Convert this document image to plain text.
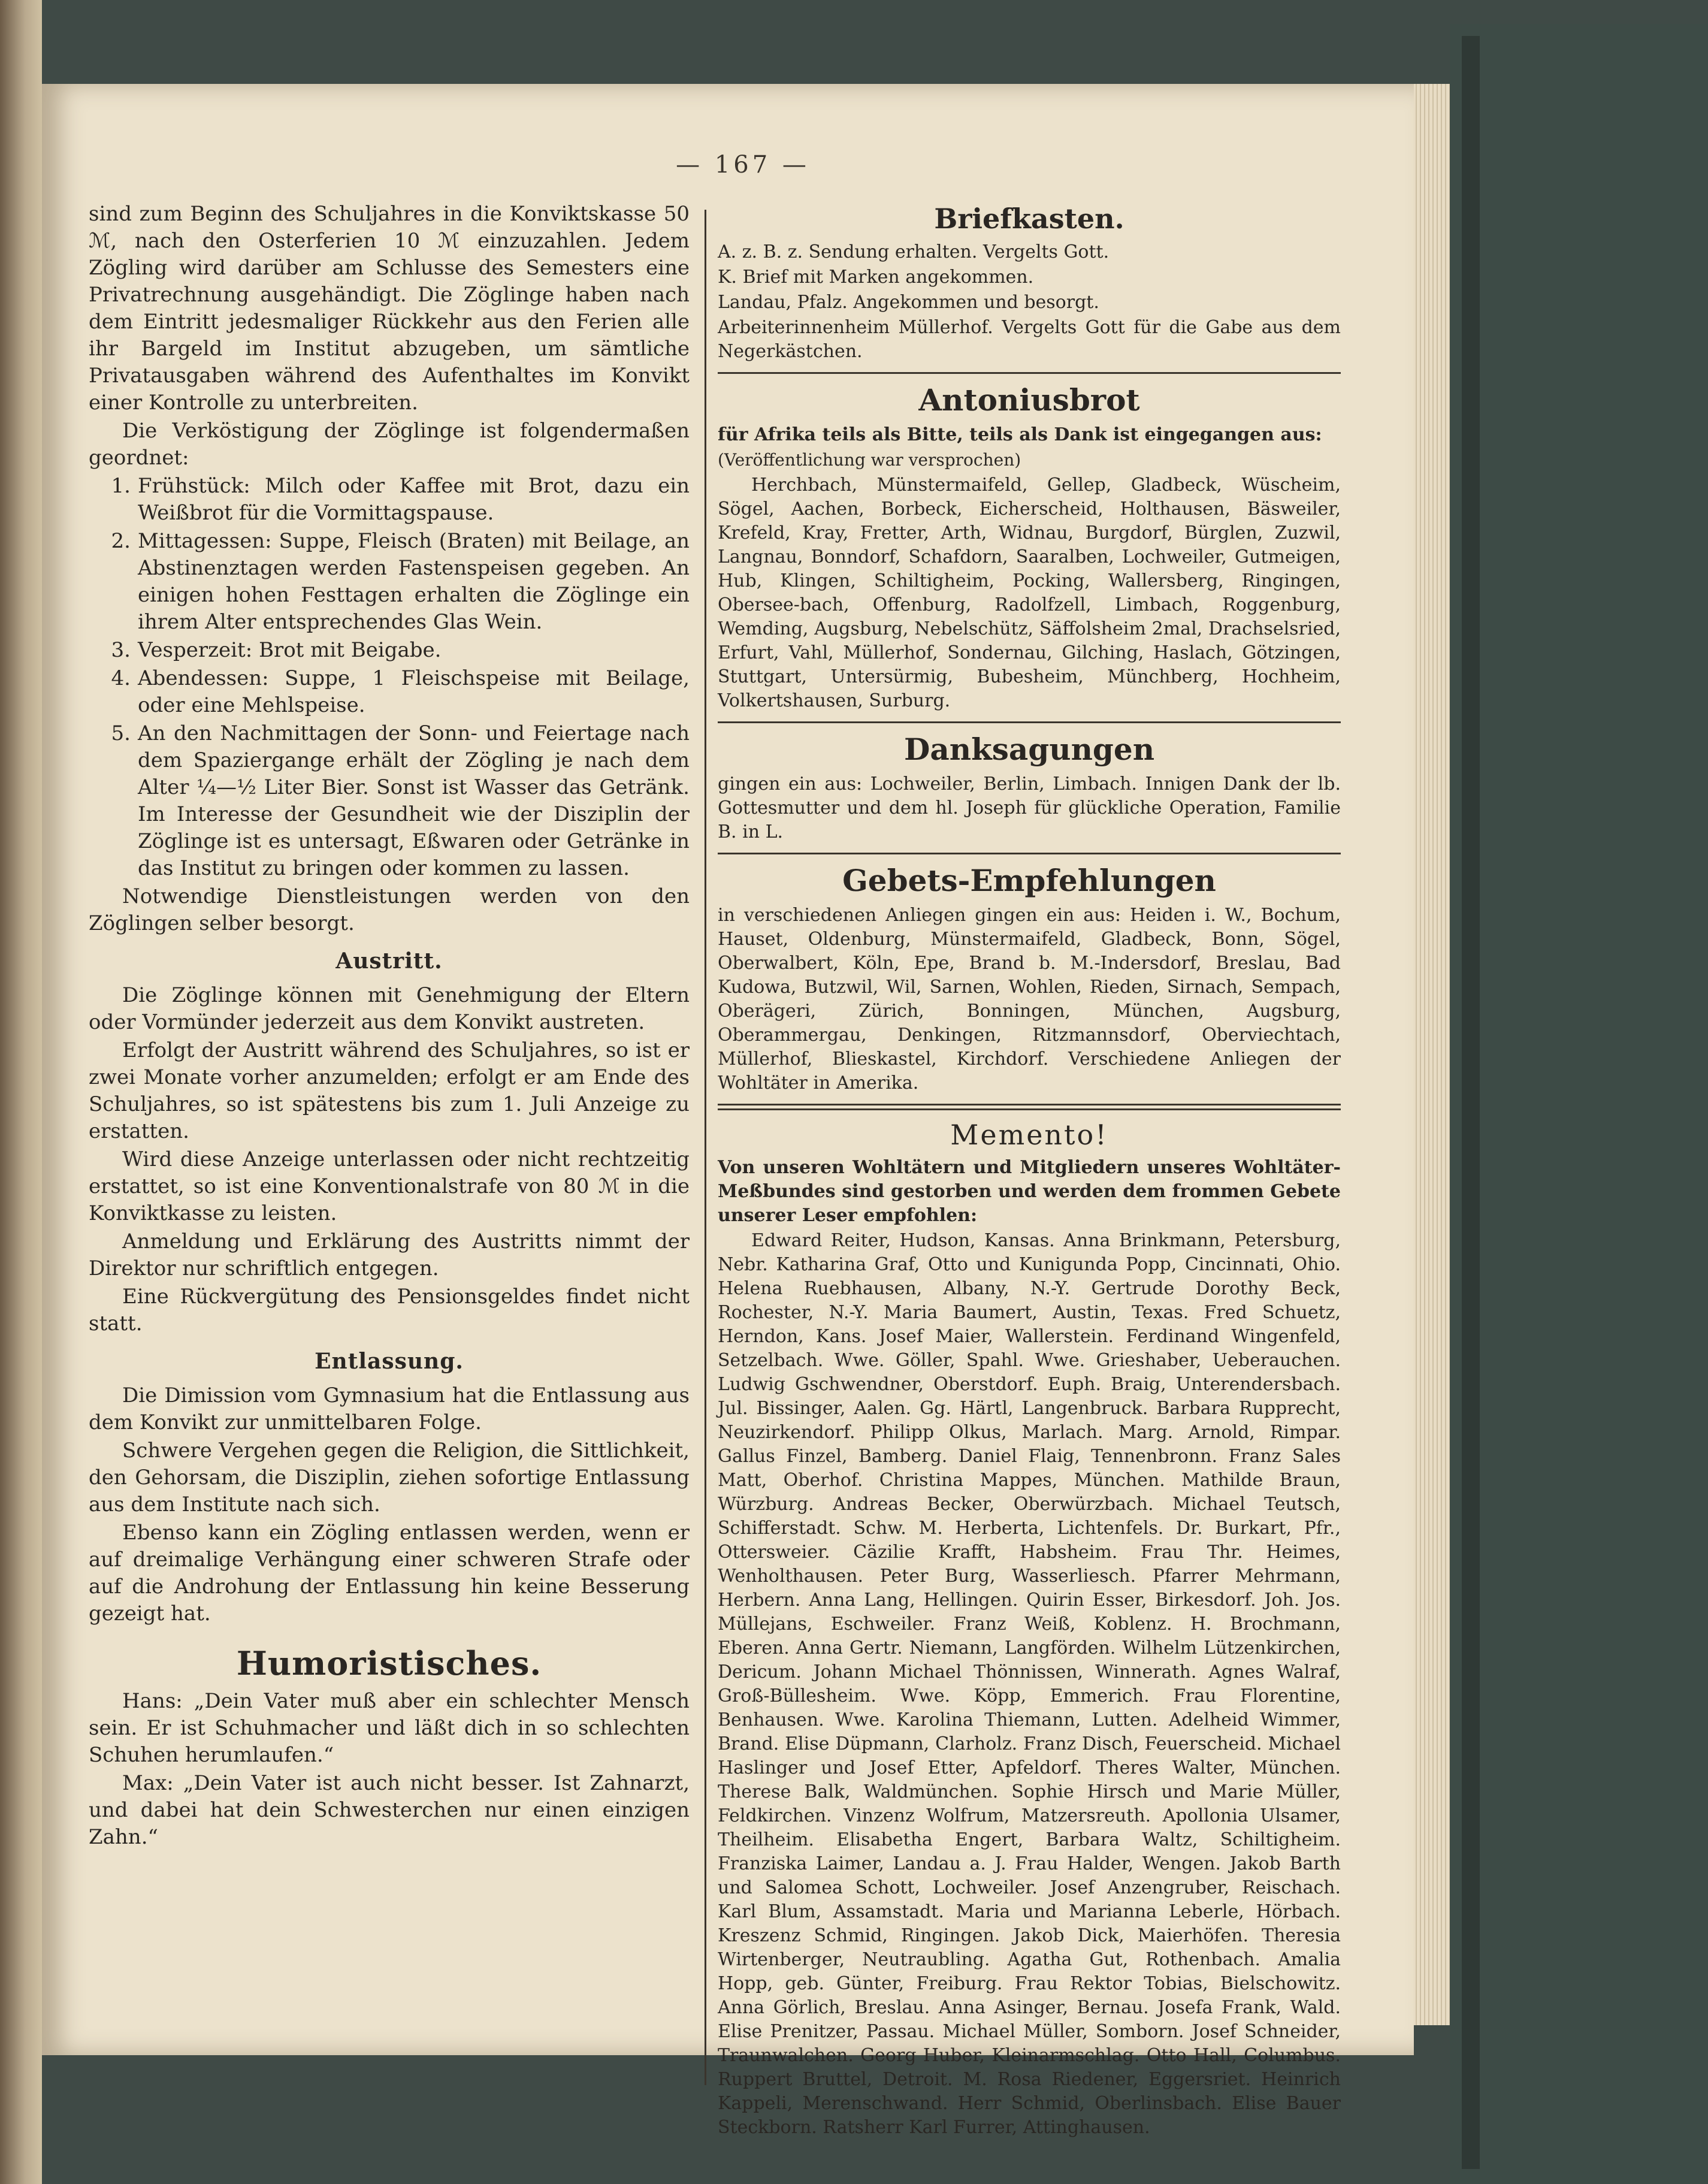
— 167 —

sind zum Beginn des Schuljahres in die Konviktskasse 50 ℳ, nach den Osterferien 10 ℳ einzuzahlen. Jedem Zögling wird darüber am Schlusse des Semesters eine Privatrechnung ausgehändigt. Die Zöglinge haben nach dem Eintritt jedesmaliger Rückkehr aus den Ferien alle ihr Bargeld im Institut abzugeben, um sämtliche Privatausgaben während des Aufenthaltes im Konvikt einer Kontrolle zu unterbreiten.

Die Verköstigung der Zöglinge ist folgendermaßen geordnet:

1. Frühstück: Milch oder Kaffee mit Brot, dazu ein Weißbrot für die Vormittagspause.
2. Mittagessen: Suppe, Fleisch (Braten) mit Beilage, an Abstinenztagen werden Fastenspeisen gegeben. An einigen hohen Festtagen erhalten die Zöglinge ein ihrem Alter entsprechendes Glas Wein.
3. Vesperzeit: Brot mit Beigabe.
4. Abendessen: Suppe, 1 Fleischspeise mit Beilage, oder eine Mehlspeise.
5. An den Nachmittagen der Sonn- und Feiertage nach dem Spaziergange erhält der Zögling je nach dem Alter ¼—½ Liter Bier. Sonst ist Wasser das Getränk. Im Interesse der Gesundheit wie der Disziplin der Zöglinge ist es untersagt, Eßwaren oder Getränke in das Institut zu bringen oder kommen zu lassen.

Notwendige Dienstleistungen werden von den Zöglingen selber besorgt.

Austritt.

Die Zöglinge können mit Genehmigung der Eltern oder Vormünder jederzeit aus dem Konvikt austreten.

Erfolgt der Austritt während des Schuljahres, so ist er zwei Monate vorher anzumelden; erfolgt er am Ende des Schuljahres, so ist spätestens bis zum 1. Juli Anzeige zu erstatten.

Wird diese Anzeige unterlassen oder nicht rechtzeitig erstattet, so ist eine Konventionalstrafe von 80 ℳ in die Konviktkasse zu leisten.

Anmeldung und Erklärung des Austritts nimmt der Direktor nur schriftlich entgegen.

Eine Rückvergütung des Pensionsgeldes findet nicht statt.

Entlassung.

Die Dimission vom Gymnasium hat die Entlassung aus dem Konvikt zur unmittelbaren Folge.

Schwere Vergehen gegen die Religion, die Sittlichkeit, den Gehorsam, die Disziplin, ziehen sofortige Entlassung aus dem Institute nach sich.

Ebenso kann ein Zögling entlassen werden, wenn er auf dreimalige Verhängung einer schweren Strafe oder auf die Androhung der Entlassung hin keine Besserung gezeigt hat.

Humoristisches.

Hans: „Dein Vater muß aber ein schlechter Mensch sein. Er ist Schuhmacher und läßt dich in so schlechten Schuhen herumlaufen.“

Max: „Dein Vater ist auch nicht besser. Ist Zahnarzt, und dabei hat dein Schwesterchen nur einen einzigen Zahn.“

Briefkasten.

A. z. B. z. Sendung erhalten. Vergelts Gott.

K. Brief mit Marken angekommen.

Landau, Pfalz. Angekommen und besorgt.

Arbeiterinnenheim Müllerhof. Vergelts Gott für die Gabe aus dem Negerkästchen.

Antoniusbrot

für Afrika teils als Bitte, teils als Dank ist eingegangen aus:

(Veröffentlichung war versprochen)

Herchbach, Münstermaifeld, Gellep, Gladbeck, Wüscheim, Sögel, Aachen, Borbeck, Eicherscheid, Holthausen, Bäsweiler, Krefeld, Kray, Fretter, Arth, Widnau, Burgdorf, Bürglen, Zuzwil, Langnau, Bonndorf, Schafdorn, Saaralben, Lochweiler, Gutmeigen, Hub, Klingen, Schiltigheim, Pocking, Wallersberg, Ringingen, Obersee-bach, Offenburg, Radolfzell, Limbach, Roggenburg, Wemding, Augsburg, Nebelschütz, Säffolsheim 2mal, Drachselsried, Erfurt, Vahl, Müllerhof, Sondernau, Gilching, Haslach, Götzingen, Stuttgart, Untersürmig, Bubesheim, Münchberg, Hochheim, Volkertshausen, Surburg.

Danksagungen

gingen ein aus: Lochweiler, Berlin, Limbach. Innigen Dank der lb. Gottesmutter und dem hl. Joseph für glückliche Operation, Familie B. in L.

Gebets-Empfehlungen

in verschiedenen Anliegen gingen ein aus: Heiden i. W., Bochum, Hauset, Oldenburg, Münstermaifeld, Gladbeck, Bonn, Sögel, Oberwalbert, Köln, Epe, Brand b. M.-Indersdorf, Breslau, Bad Kudowa, Butzwil, Wil, Sarnen, Wohlen, Rieden, Sirnach, Sempach, Oberägeri, Zürich, Bonningen, München, Augsburg, Oberammergau, Denkingen, Ritzmannsdorf, Oberviechtach, Müllerhof, Blieskastel, Kirchdorf. Verschiedene Anliegen der Wohltäter in Amerika.

Memento!

Von unseren Wohltätern und Mitgliedern unseres Wohltäter-Meßbundes sind gestorben und werden dem frommen Gebete unserer Leser empfohlen:

Edward Reiter, Hudson, Kansas. Anna Brinkmann, Petersburg, Nebr. Katharina Graf, Otto und Kunigunda Popp, Cincinnati, Ohio. Helena Ruebhausen, Albany, N.-Y. Gertrude Dorothy Beck, Rochester, N.-Y. Maria Baumert, Austin, Texas. Fred Schuetz, Herndon, Kans. Josef Maier, Wallerstein. Ferdinand Wingenfeld, Setzelbach. Wwe. Göller, Spahl. Wwe. Grieshaber, Ueberauchen. Ludwig Gschwendner, Oberstdorf. Euph. Braig, Unterendersbach. Jul. Bissinger, Aalen. Gg. Härtl, Langenbruck. Barbara Rupprecht, Neuzirkendorf. Philipp Olkus, Marlach. Marg. Arnold, Rimpar. Gallus Finzel, Bamberg. Daniel Flaig, Tennenbronn. Franz Sales Matt, Oberhof. Christina Mappes, München. Mathilde Braun, Würzburg. Andreas Becker, Oberwürzbach. Michael Teutsch, Schifferstadt. Schw. M. Herberta, Lichtenfels. Dr. Burkart, Pfr., Ottersweier. Cäzilie Krafft, Habsheim. Frau Thr. Heimes, Wenholthausen. Peter Burg, Wasserliesch. Pfarrer Mehrmann, Herbern. Anna Lang, Hellingen. Quirin Esser, Birkesdorf. Joh. Jos. Müllejans, Eschweiler. Franz Weiß, Koblenz. H. Brochmann, Eberen. Anna Gertr. Niemann, Langförden. Wilhelm Lützenkirchen, Dericum. Johann Michael Thönnissen, Winnerath. Agnes Walraf, Groß-Büllesheim. Wwe. Köpp, Emmerich. Frau Florentine, Benhausen. Wwe. Karolina Thiemann, Lutten. Adelheid Wimmer, Brand. Elise Düpmann, Clarholz. Franz Disch, Feuerscheid. Michael Haslinger und Josef Etter, Apfeldorf. Theres Walter, München. Therese Balk, Waldmünchen. Sophie Hirsch und Marie Müller, Feldkirchen. Vinzenz Wolfrum, Matzersreuth. Apollonia Ulsamer, Theilheim. Elisabetha Engert, Barbara Waltz, Schiltigheim. Franziska Laimer, Landau a. J. Frau Halder, Wengen. Jakob Barth und Salomea Schott, Lochweiler. Josef Anzengruber, Reischach. Karl Blum, Assamstadt. Maria und Marianna Leberle, Hörbach. Kreszenz Schmid, Ringingen. Jakob Dick, Maierhöfen. Theresia Wirtenberger, Neutraubling. Agatha Gut, Rothenbach. Amalia Hopp, geb. Günter, Freiburg. Frau Rektor Tobias, Bielschowitz. Anna Görlich, Breslau. Anna Asinger, Bernau. Josefa Frank, Wald. Elise Prenitzer, Passau. Michael Müller, Somborn. Josef Schneider, Traunwalchen. Georg Huber, Kleinarmschlag. Otto Hall, Columbus. Ruppert Bruttel, Detroit. M. Rosa Riedener, Eggersriet. Heinrich Kappeli, Merenschwand. Herr Schmid, Oberlinsbach. Elise Bauer Steckborn. Ratsherr Karl Furrer, Attinghausen.
